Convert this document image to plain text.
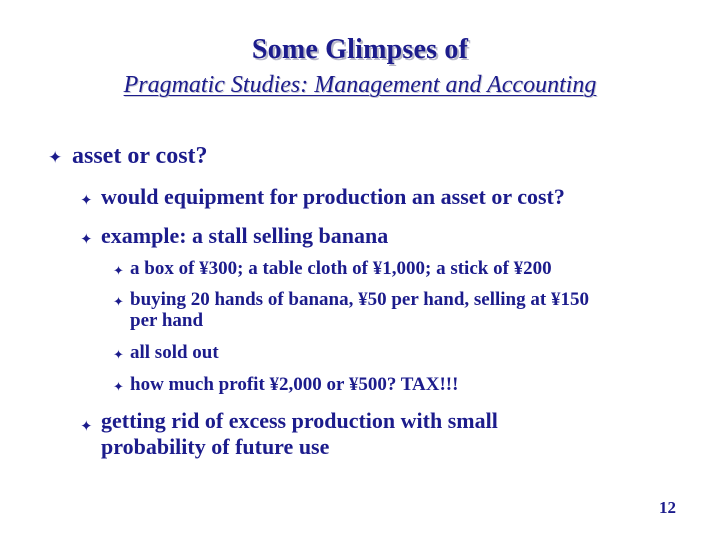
Some Glimpses of
Pragmatic Studies: Management and Accounting
✦ asset or cost?
✦ would equipment for production an asset or cost?
✦ example: a stall selling banana
✦ a box of ¥300; a table cloth of ¥1,000; a stick of ¥200
✦ buying 20 hands of banana, ¥50 per hand, selling at ¥150
per hand
✦ all sold out
✦ how much profit ¥2,000 or ¥500? TAX!!!
✦ getting rid of excess production with small
probability of future use
12
